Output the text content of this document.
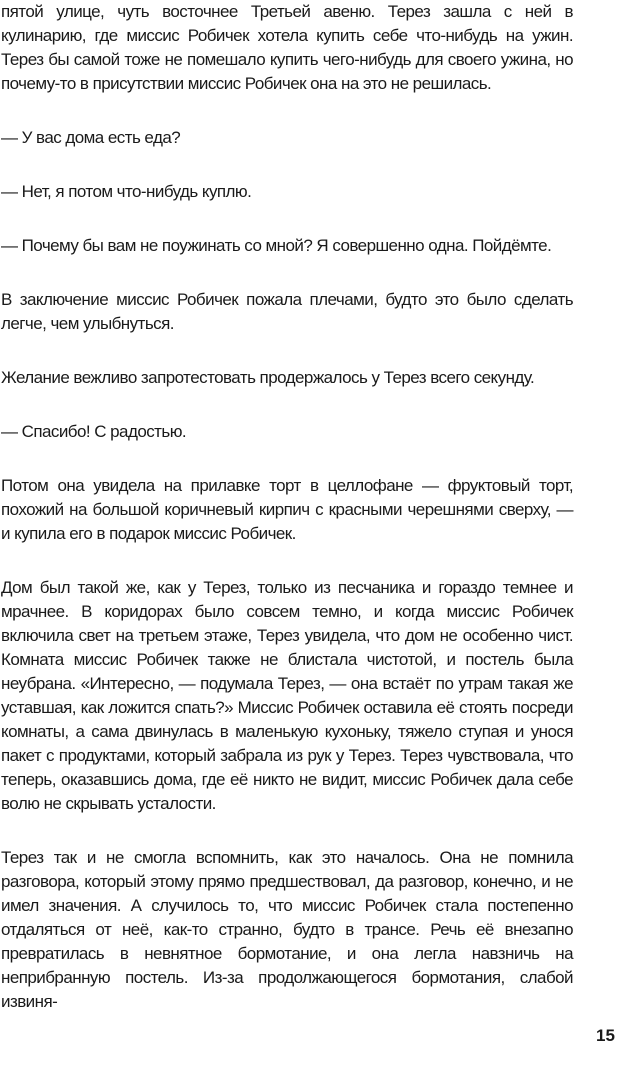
пятой улице, чуть восточнее Третьей авеню. Терез зашла с ней в кулинарию, где миссис Робичек хотела купить себе что-нибудь на ужин. Терез бы самой тоже не помешало купить чего-нибудь для своего ужина, но почему-то в присутствии миссис Робичек она на это не решилась.

— У вас дома есть еда?

— Нет, я потом что-нибудь куплю.

— Почему бы вам не поужинать со мной? Я совершенно одна. Пойдёмте.

В заключение миссис Робичек пожала плечами, будто это было сделать легче, чем улыбнуться.

Желание вежливо запротестовать продержалось у Терез всего секунду.

— Спасибо! С радостью.

Потом она увидела на прилавке торт в целлофане — фруктовый торт, похожий на большой коричневый кирпич с красными черешнями сверху, — и купила его в подарок миссис Робичек.

Дом был такой же, как у Терез, только из песчаника и гораздо темнее и мрачнее. В коридорах было совсем темно, и когда миссис Робичек включила свет на третьем этаже, Терез увидела, что дом не особенно чист. Комната миссис Робичек также не блистала чистотой, и постель была неубрана. «Интересно, — подумала Терез, — она встаёт по утрам такая же уставшая, как ложится спать?» Миссис Робичек оставила её стоять посреди комнаты, а сама двинулась в маленькую кухоньку, тяжело ступая и унося пакет с продуктами, который забрала из рук у Терез. Терез чувствовала, что теперь, оказавшись дома, где её никто не видит, миссис Робичек дала себе волю не скрывать усталости.

Терез так и не смогла вспомнить, как это началось. Она не помнила разговора, который этому прямо предшествовал, да разговор, конечно, и не имел значения. А случилось то, что миссис Робичек стала постепенно отдаляться от неё, как-то странно, будто в трансе. Речь её внезапно превратилась в невнятное бормотание, и она легла навзничь на неприбранную постель. Из-за продолжающегося бормотания, слабой извиня-

15
